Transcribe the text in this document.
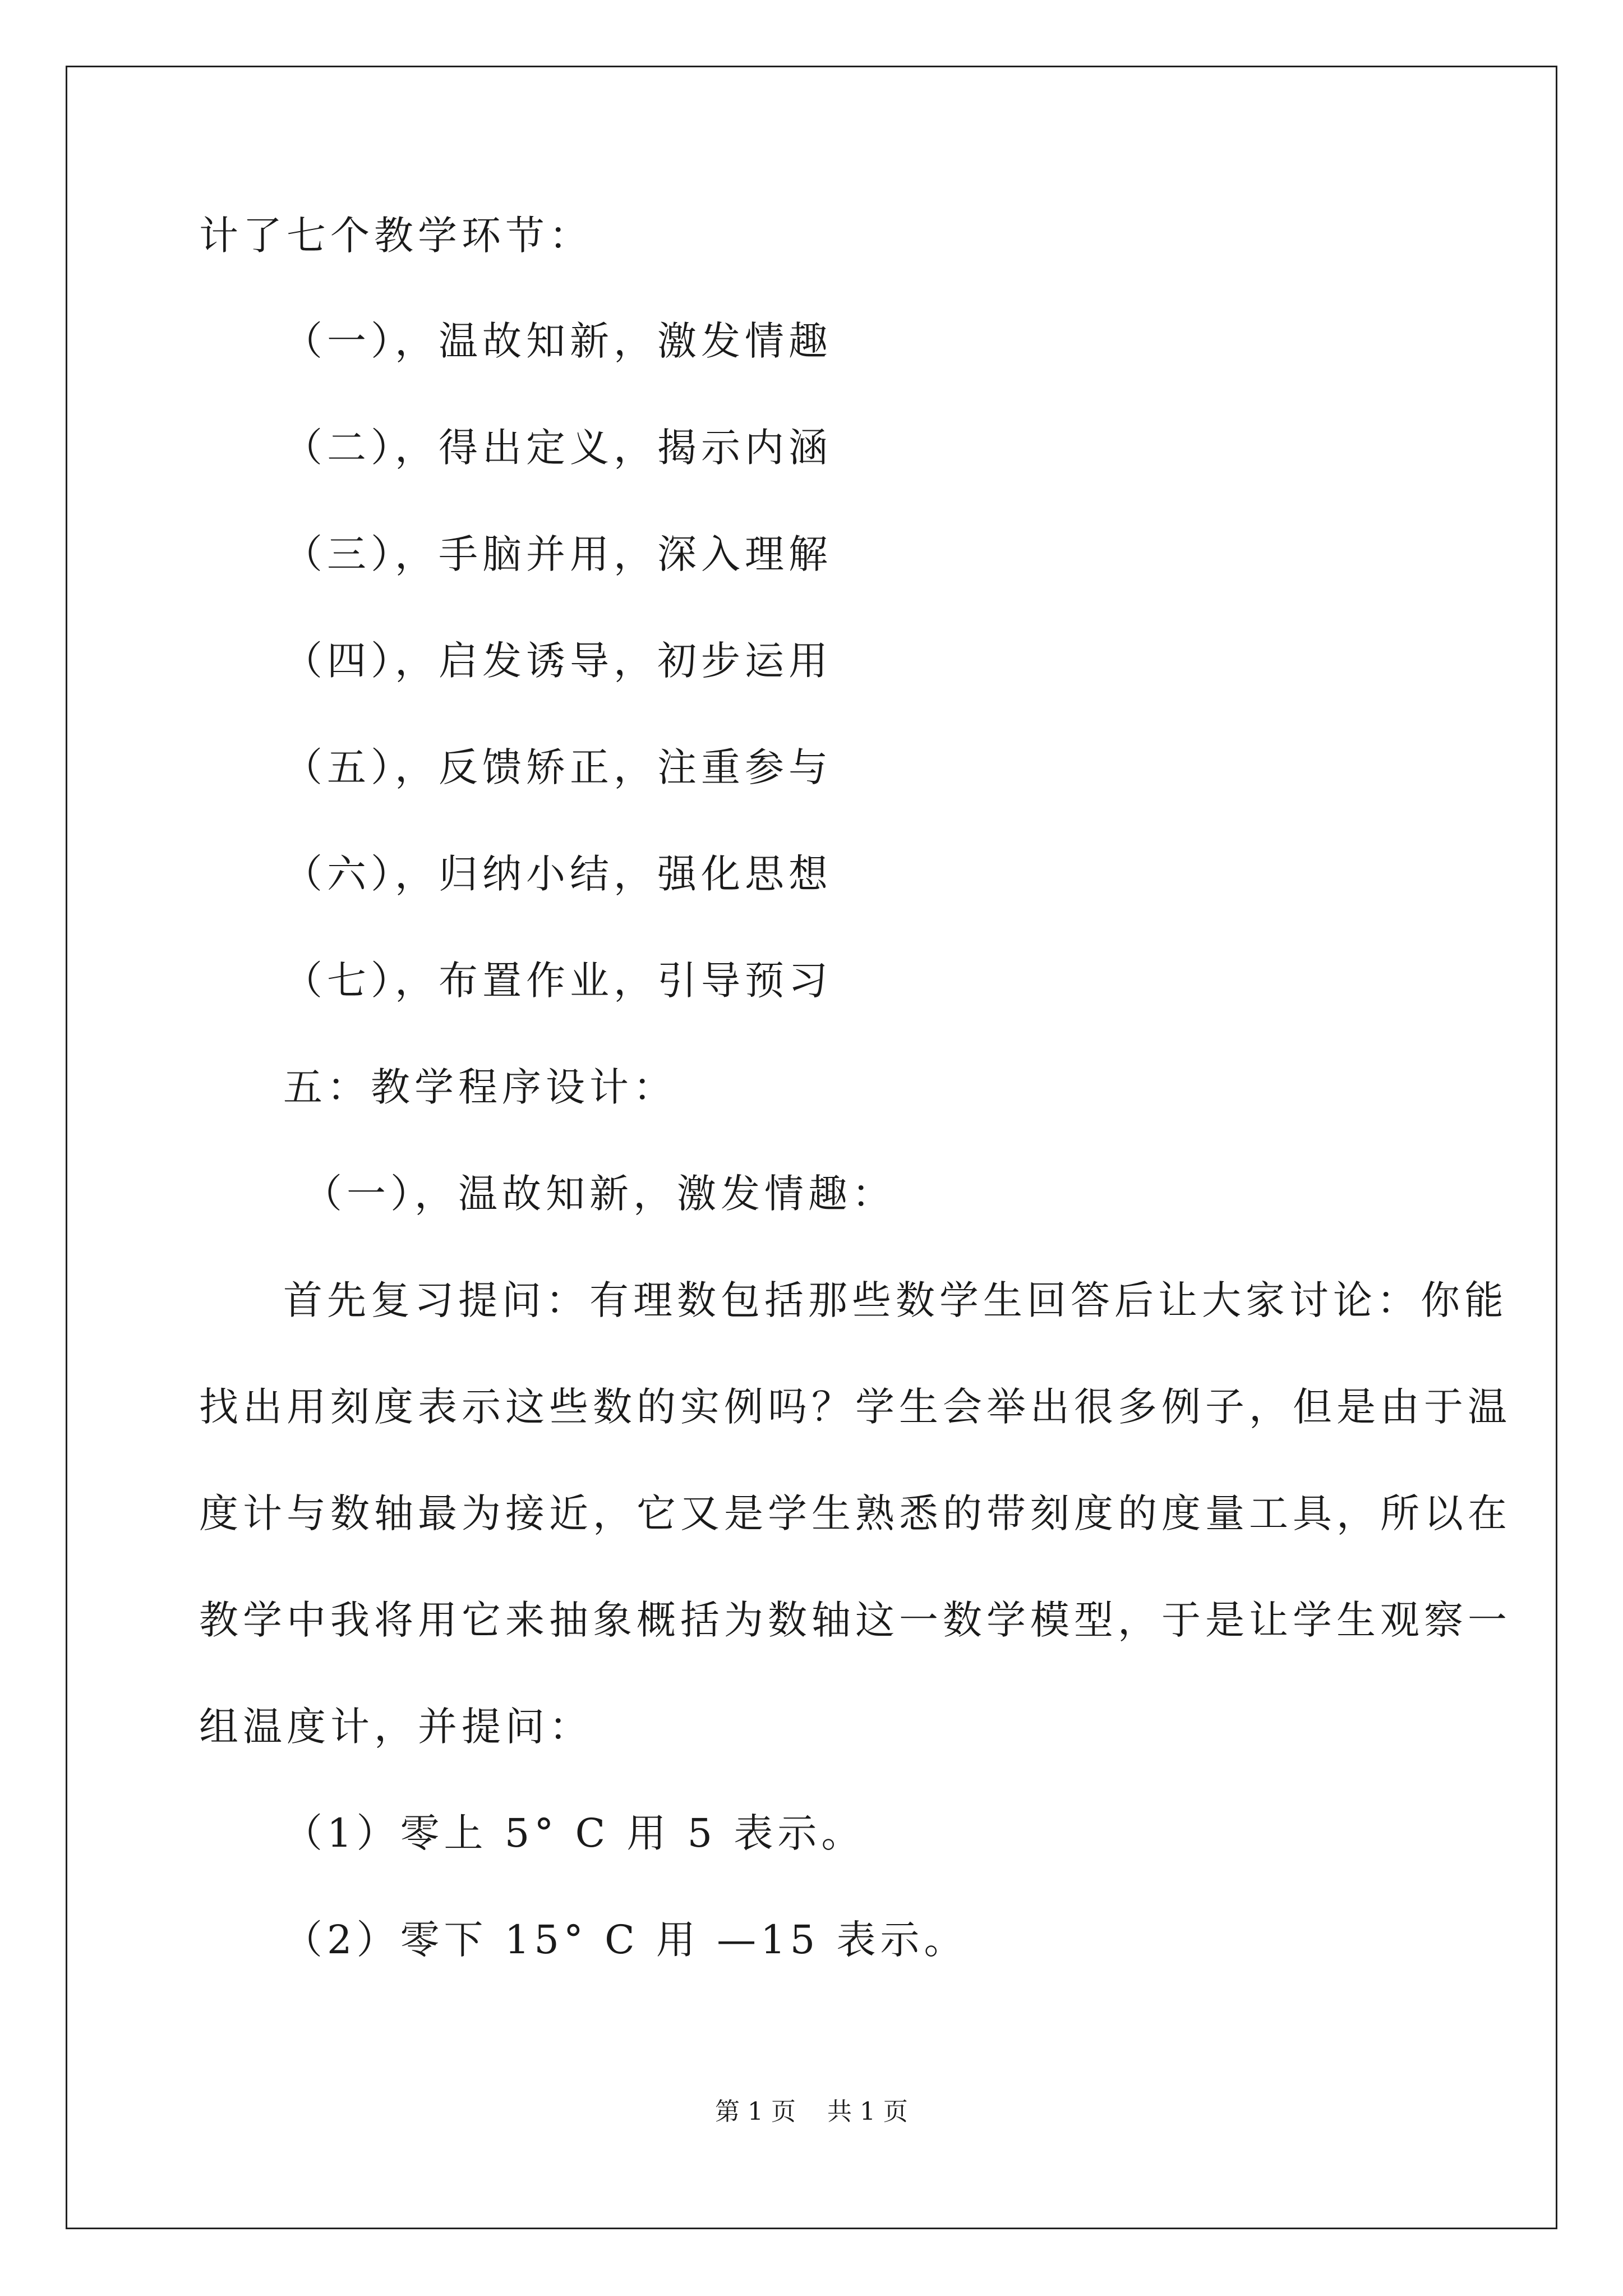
计了七个教学环节：
（一），温故知新，激发情趣
（二），得出定义，揭示内涵
（三），手脑并用，深入理解
（四），启发诱导，初步运用
（五），反馈矫正，注重参与
（六），归纳小结，强化思想
（七），布置作业，引导预习
五：教学程序设计：
（一），温故知新，激发情趣：
首先复习提问：有理数包括那些数学生回答后让大家讨论：你能
找出用刻度表示这些数的实例吗？学生会举出很多例子，但是由于温
度计与数轴最为接近，它又是学生熟悉的带刻度的度量工具，所以在
教学中我将用它来抽象概括为数轴这一数学模型，于是让学生观察一
组温度计，并提问：
（1）零上 5° C 用 5 表示。
（2）零下 15° C 用 —15 表示。
第 1 页    共 1 页
